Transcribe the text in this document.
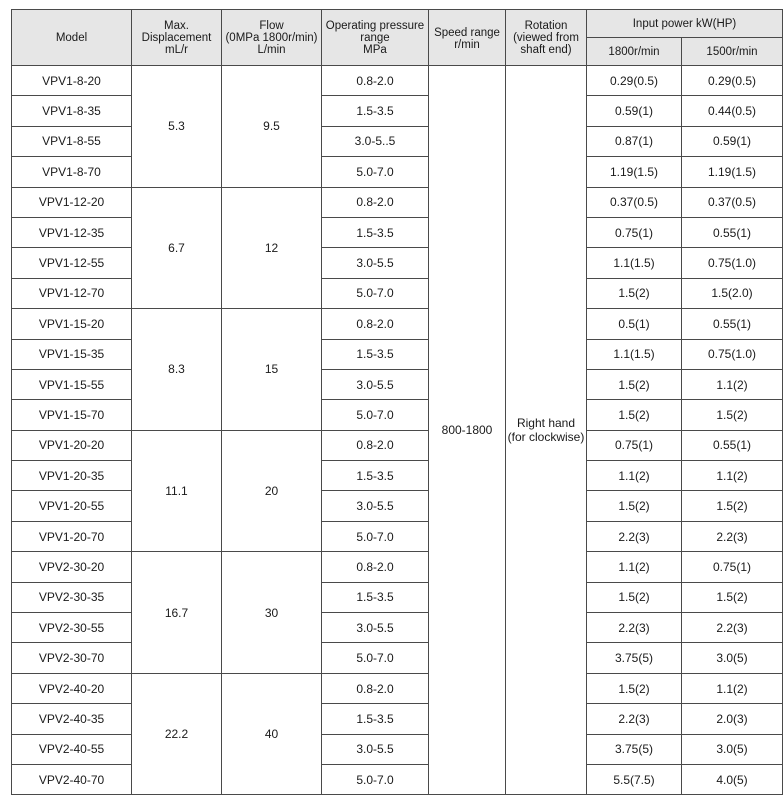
Model	Max.
Displacement
mL/r	Flow
(0MPa 1800r/min)
L/min	Operating pressure
range
MPa	Speed range
r/min	Rotation
(viewed from
shaft end)	Input power kW(HP)	
						1800r/min	1500r/min
VPV1-8-20	5.3	9.5	0.8-2.0	800-1800	Right hand
(for clockwise)	0.29(0.5)	0.29(0.5)
VPV1-8-35			1.5-3.5			0.59(1)	0.44(0.5)
VPV1-8-55			3.0-5..5			0.87(1)	0.59(1)
VPV1-8-70			5.0-7.0			1.19(1.5)	1.19(1.5)
VPV1-12-20	6.7	12	0.8-2.0			0.37(0.5)	0.37(0.5)
VPV1-12-35			1.5-3.5			0.75(1)	0.55(1)
VPV1-12-55			3.0-5.5			1.1(1.5)	0.75(1.0)
VPV1-12-70			5.0-7.0			1.5(2)	1.5(2.0)
VPV1-15-20	8.3	15	0.8-2.0			0.5(1)	0.55(1)
VPV1-15-35			1.5-3.5			1.1(1.5)	0.75(1.0)
VPV1-15-55			3.0-5.5			1.5(2)	1.1(2)
VPV1-15-70			5.0-7.0			1.5(2)	1.5(2)
VPV1-20-20	11.1	20	0.8-2.0			0.75(1)	0.55(1)
VPV1-20-35			1.5-3.5			1.1(2)	1.1(2)
VPV1-20-55			3.0-5.5			1.5(2)	1.5(2)
VPV1-20-70			5.0-7.0			2.2(3)	2.2(3)
VPV2-30-20	16.7	30	0.8-2.0			1.1(2)	0.75(1)
VPV2-30-35			1.5-3.5			1.5(2)	1.5(2)
VPV2-30-55			3.0-5.5			2.2(3)	2.2(3)
VPV2-30-70			5.0-7.0			3.75(5)	3.0(5)
VPV2-40-20	22.2	40	0.8-2.0			1.5(2)	1.1(2)
VPV2-40-35			1.5-3.5			2.2(3)	2.0(3)
VPV2-40-55			3.0-5.5			3.75(5)	3.0(5)
VPV2-40-70			5.0-7.0			5.5(7.5)	4.0(5)
